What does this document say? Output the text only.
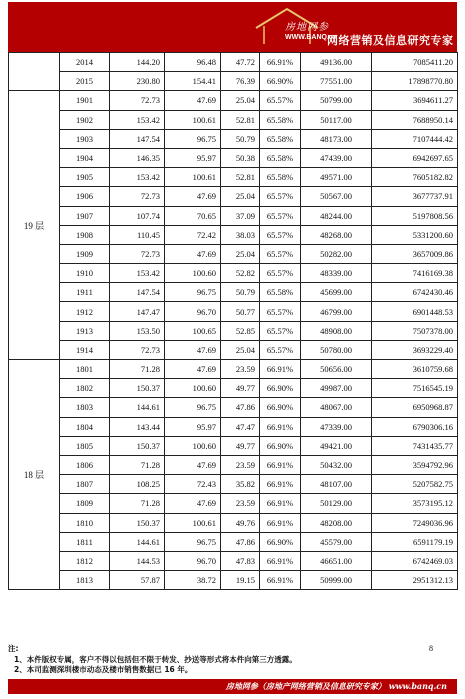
房地网参
WWW.BANQ.cn
网络营销及信息研究专家
	2014	144.20	96.48	47.72	66.91%	49136.00	7085411.20
	2015	230.80	154.41	76.39	66.90%	77551.00	17898770.80
19 层	1901	72.73	47.69	25.04	65.57%	50799.00	3694611.27
	1902	153.42	100.61	52.81	65.58%	50117.00	7688950.14
	1903	147.54	96.75	50.79	65.58%	48173.00	7107444.42
	1904	146.35	95.97	50.38	65.58%	47439.00	6942697.65
	1905	153.42	100.61	52.81	65.58%	49571.00	7605182.82
	1906	72.73	47.69	25.04	65.57%	50567.00	3677737.91
	1907	107.74	70.65	37.09	65.57%	48244.00	5197808.56
	1908	110.45	72.42	38.03	65.57%	48268.00	5331200.60
	1909	72.73	47.69	25.04	65.57%	50282.00	3657009.86
	1910	153.42	100.60	52.82	65.57%	48339.00	7416169.38
	1911	147.54	96.75	50.79	65.58%	45699.00	6742430.46
	1912	147.47	96.70	50.77	65.57%	46799.00	6901448.53
	1913	153.50	100.65	52.85	65.57%	48908.00	7507378.00
	1914	72.73	47.69	25.04	65.57%	50780.00	3693229.40
18 层	1801	71.28	47.69	23.59	66.91%	50656.00	3610759.68
	1802	150.37	100.60	49.77	66.90%	49987.00	7516545.19
	1803	144.61	96.75	47.86	66.90%	48067.00	6950968.87
	1804	143.44	95.97	47.47	66.91%	47339.00	6790306.16
	1805	150.37	100.60	49.77	66.90%	49421.00	7431435.77
	1806	71.28	47.69	23.59	66.91%	50432.00	3594792.96
	1807	108.25	72.43	35.82	66.91%	48107.00	5207582.75
	1809	71.28	47.69	23.59	66.91%	50129.00	3573195.12
	1810	150.37	100.61	49.76	66.91%	48208.00	7249036.96
	1811	144.61	96.75	47.86	66.90%	45579.00	6591179.19
	1812	144.53	96.70	47.83	66.91%	46651.00	6742469.03
	1813	57.87	38.72	19.15	66.91%	50999.00	2951312.13
注:
1、本件版权专属，客户不得以包括但不限于转发、抄送等形式将本件向第三方透露。
2、本司监测深圳楼市动态及楼市销售数据已 16 年。
8
房地网参（房地产网络营销及信息研究专家） www.banq.cn
